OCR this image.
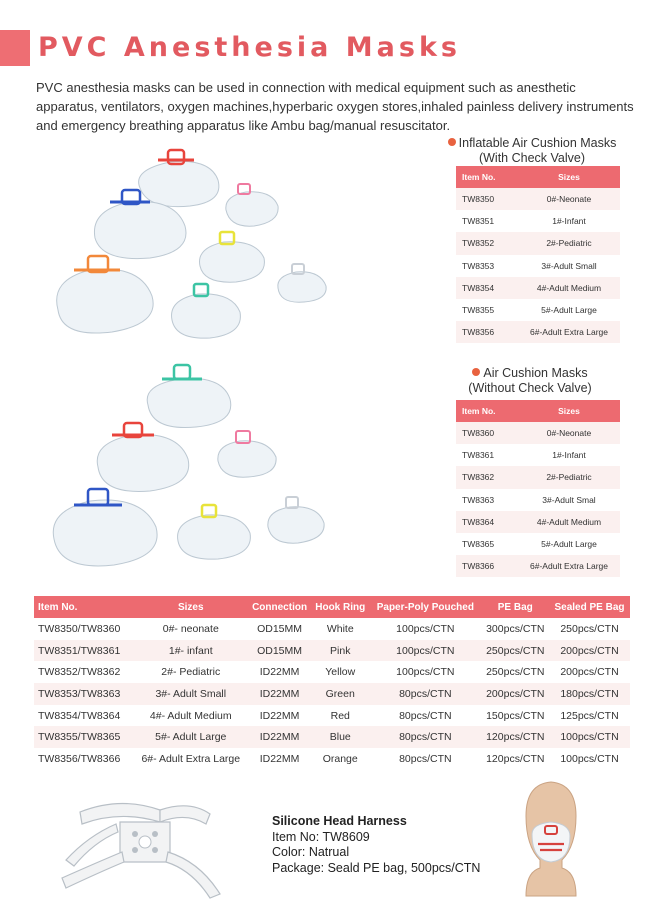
PVC Anesthesia Masks

PVC anesthesia masks can be used in connection with medical equipment such as anesthetic apparatus, ventilators, oxygen machines,hyperbaric oxygen stores,inhaled painless delivery instruments and emergency breathing apparatus like Ambu bag/manual resuscitator.

Inflatable Air Cushion Masks
(With Check Valve)
Item No.	Sizes
TW8350	0#-Neonate
TW8351	1#-Infant
TW8352	2#-Pediatric
TW8353	3#-Adult Small
TW8354	4#-Adult Medium
TW8355	5#-Adult Large
TW8356	6#-Adult Extra Large
Air Cushion Masks
(Without Check Valve)
Item No.	Sizes
TW8360	0#-Neonate
TW8361	1#-Infant
TW8362	2#-Pediatric
TW8363	3#-Adult Smal
TW8364	4#-Adult Medium
TW8365	5#-Adult Large
TW8366	6#-Adult Extra Large
Item No.	Sizes	Connection	Hook Ring	Paper-Poly Pouched	PE Bag	Sealed PE Bag
TW8350/TW8360	0#- neonate	OD15MM	White	100pcs/CTN	300pcs/CTN	250pcs/CTN
TW8351/TW8361	1#- infant	OD15MM	Pink	100pcs/CTN	250pcs/CTN	200pcs/CTN
TW8352/TW8362	2#- Pediatric	ID22MM	Yellow	100pcs/CTN	250pcs/CTN	200pcs/CTN
TW8353/TW8363	3#- Adult Small	ID22MM	Green	80pcs/CTN	200pcs/CTN	180pcs/CTN
TW8354/TW8364	4#- Adult Medium	ID22MM	Red	80pcs/CTN	150pcs/CTN	125pcs/CTN
TW8355/TW8365	5#- Adult Large	ID22MM	Blue	80pcs/CTN	120pcs/CTN	100pcs/CTN
TW8356/TW8366	6#- Adult Extra Large	ID22MM	Orange	80pcs/CTN	120pcs/CTN	100pcs/CTN
Silicone Head Harness
Item No: TW8609
Color: Natrual
Package: Seald PE bag, 500pcs/CTN
